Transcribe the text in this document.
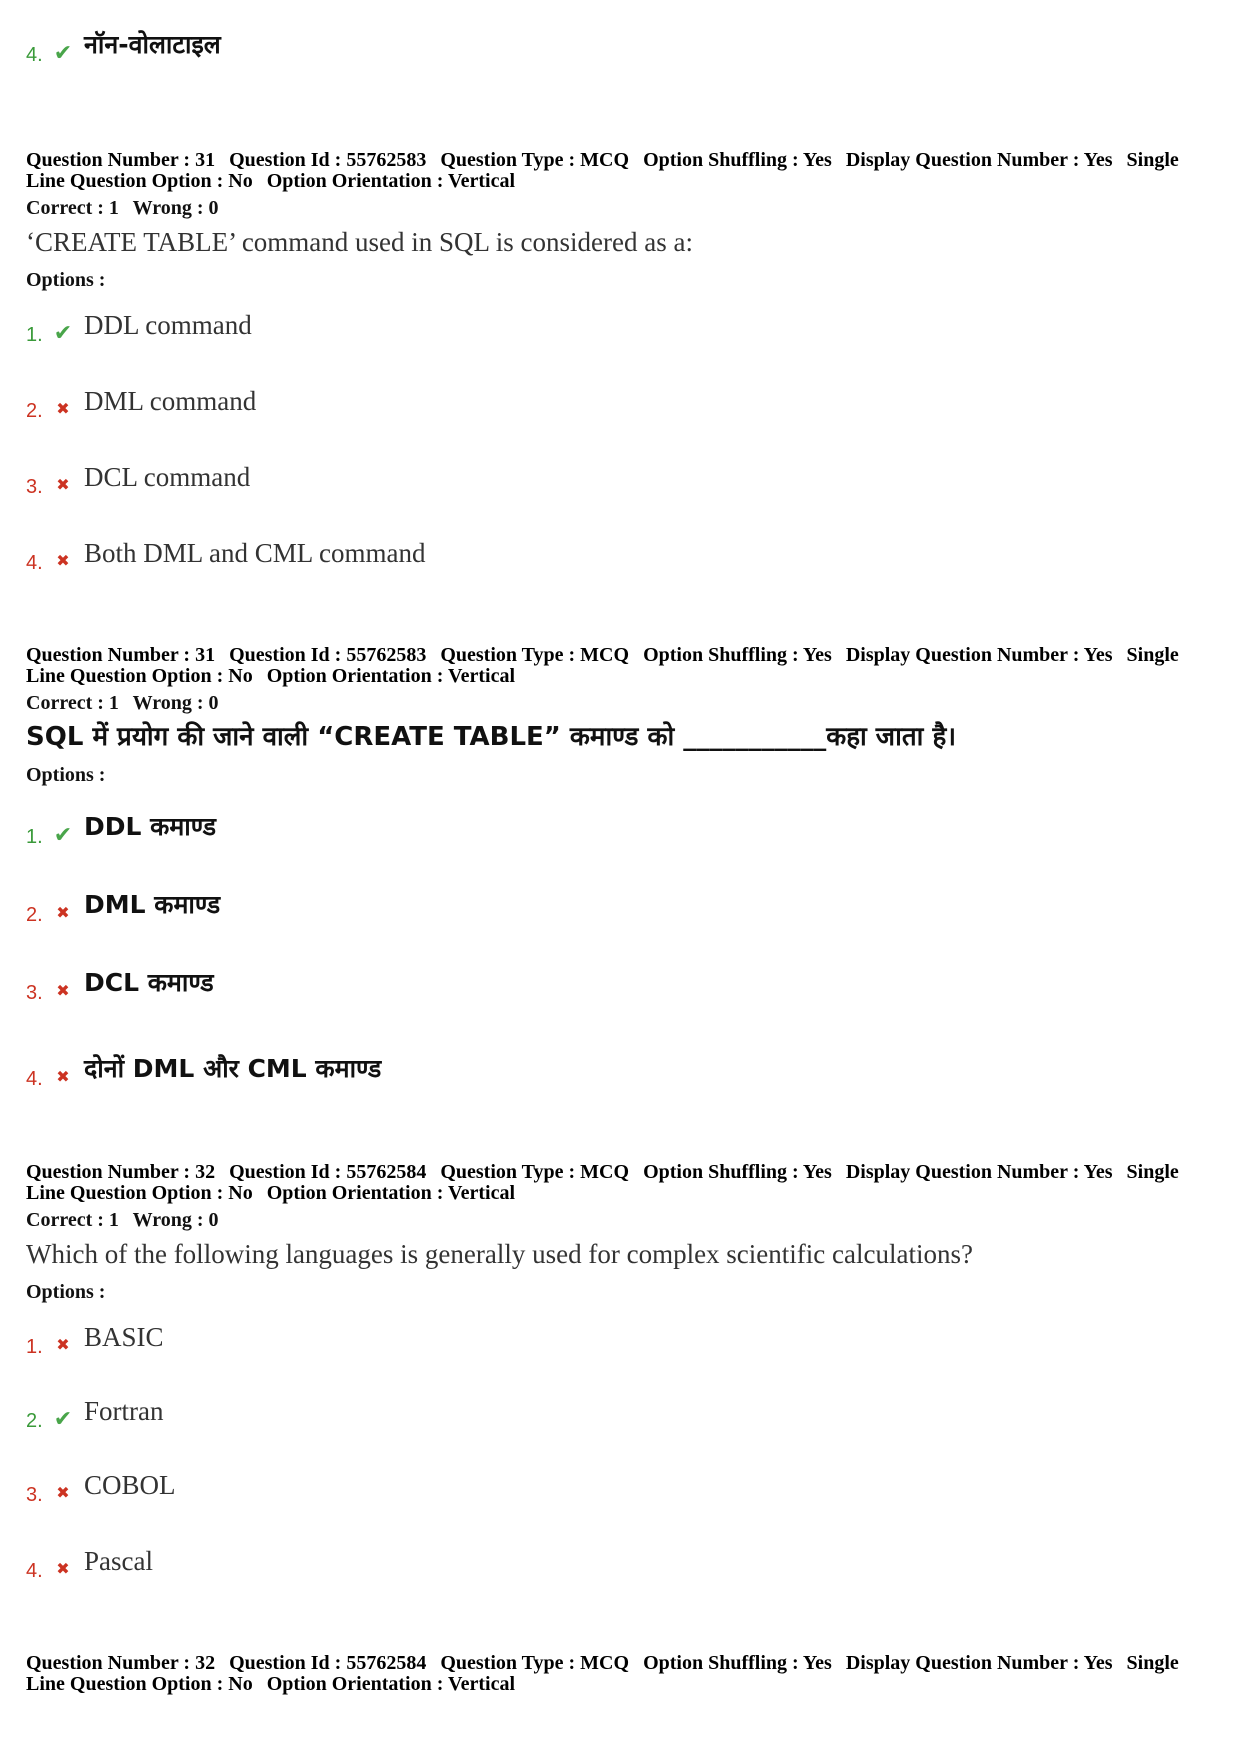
4. ✔ नॉन-वोलाटाइल

Question Number : 31 Question Id : 55762583 Question Type : MCQ Option Shuffling : Yes Display Question Number : Yes Single Line Question Option : No Option Orientation : Vertical

Correct : 1 Wrong : 0
‘CREATE TABLE’ command used in SQL is considered as a:
Options :
1. ✔ DDL command
2. ✖ DML command
3. ✖ DCL command
4. ✖ Both DML and CML command

Question Number : 31 Question Id : 55762583 Question Type : MCQ Option Shuffling : Yes Display Question Number : Yes Single Line Question Option : No Option Orientation : Vertical

Correct : 1 Wrong : 0
SQL में प्रयोग की जाने वाली “CREATE TABLE” कमाण्ड को ___________कहा जाता है।
Options :
1. ✔ DDL कमाण्ड
2. ✖ DML कमाण्ड
3. ✖ DCL कमाण्ड
4. ✖ दोनों DML और CML कमाण्ड

Question Number : 32 Question Id : 55762584 Question Type : MCQ Option Shuffling : Yes Display Question Number : Yes Single Line Question Option : No Option Orientation : Vertical

Correct : 1 Wrong : 0
Which of the following languages is generally used for complex scientific calculations?
Options :
1. ✖ BASIC
2. ✔ Fortran
3. ✖ COBOL
4. ✖ Pascal

Question Number : 32 Question Id : 55762584 Question Type : MCQ Option Shuffling : Yes Display Question Number : Yes Single Line Question Option : No Option Orientation : Vertical
